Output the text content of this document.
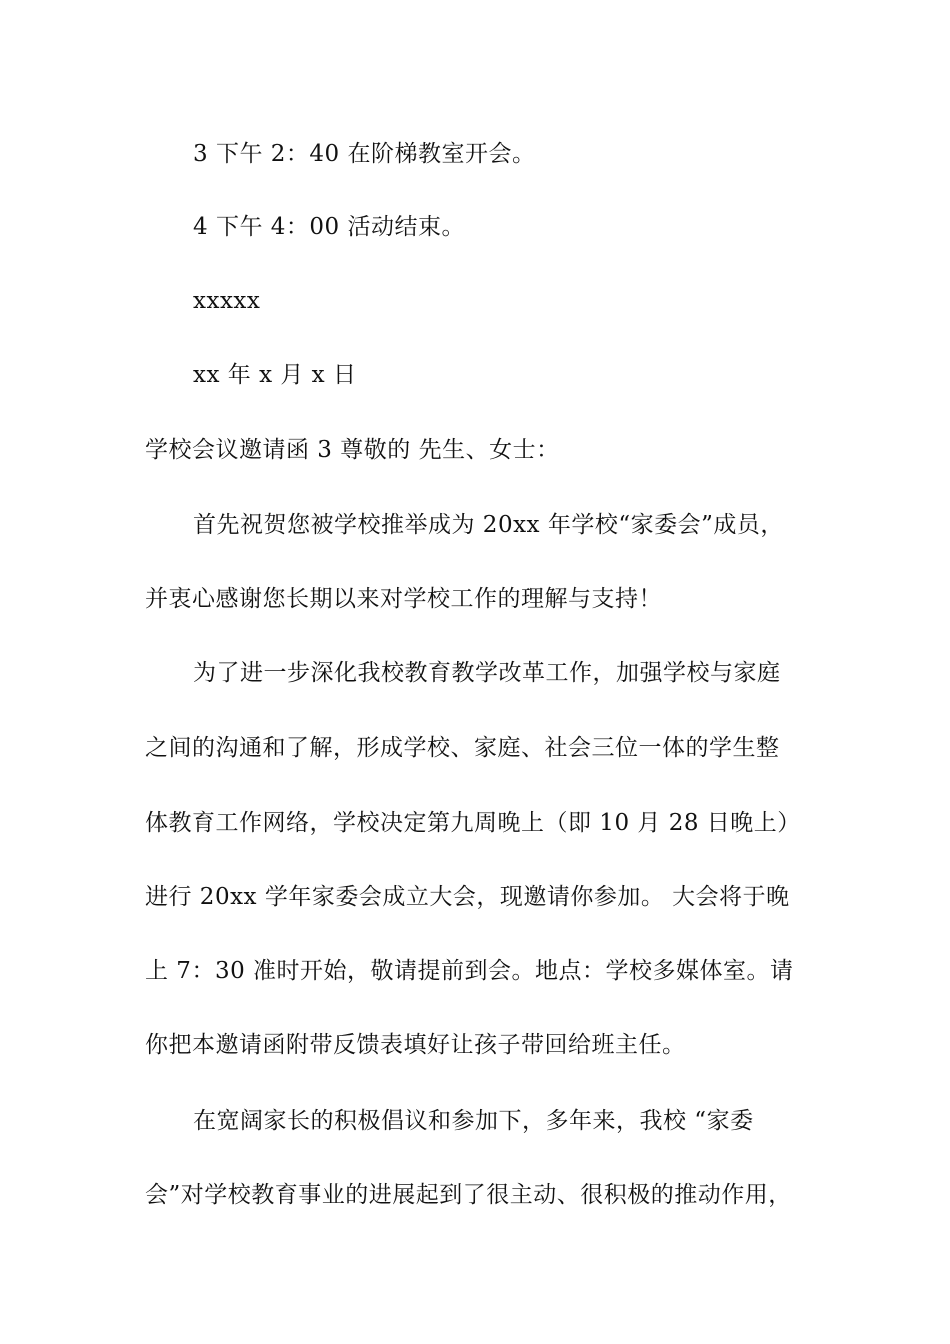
3 下午 2：40 在阶梯教室开会。
4 下午 4：00 活动结束。
xxxxx
xx 年 x 月 x 日
学校会议邀请函 3 尊敬的 先生、女士：
首先祝贺您被学校推举成为 20xx 年学校“家委会”成员，
并衷心感谢您长期以来对学校工作的理解与支持！
为了进一步深化我校教育教学改革工作，加强学校与家庭
之间的沟通和了解，形成学校、家庭、社会三位一体的学生整
体教育工作网络，学校决定第九周晚上（即 10 月 28 日晚上）
进行 20xx 学年家委会成立大会，现邀请你参加。 大会将于晚
上 7：30 准时开始，敬请提前到会。地点：学校多媒体室。请
你把本邀请函附带反馈表填好让孩子带回给班主任。
在宽阔家长的积极倡议和参加下，多年来，我校 “家委
会”对学校教育事业的进展起到了很主动、很积极的推动作用，
